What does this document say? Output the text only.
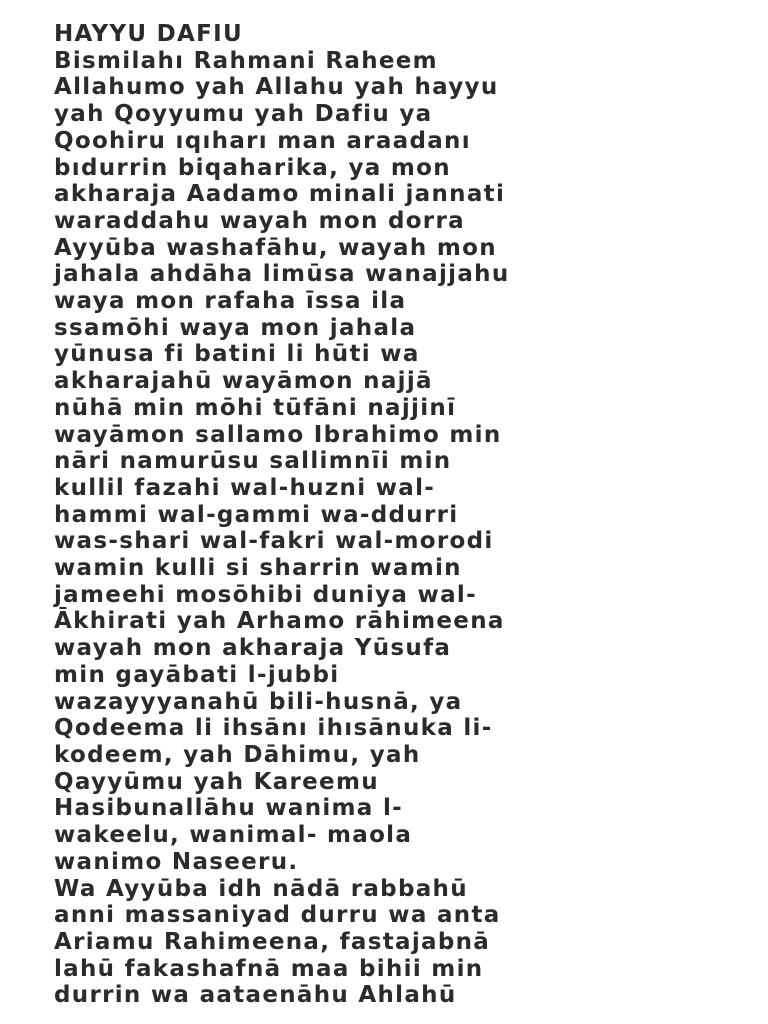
HAYYU DAFIU
Bismilahı Rahmani Raheem
Allahumo yah Allahu yah hayyu
yah Qoyyumu yah Dafiu ya
Qoohiru ıqıharı man araadanı
bıdurrin biqaharika, ya mon
akharaja Aadamo minali jannati
waraddahu wayah mon dorra
Ayyūba washafāhu, wayah mon
jahala ahdāha limūsa wanajjahu
waya mon rafaha īssa ila
ssamōhi waya mon jahala
yūnusa fi batini li hūti wa
akharajahū wayāmon najjā
nūhā min mōhi tūfāni najjinī
wayāmon sallamo Ibrahimo min
nāri namurūsu sallimnīi min
kullil fazahi wal-huzni wal-
hammi wal-gammi wa-ddurri
was-shari wal-fakri wal-morodi
wamin kulli si sharrin wamin
jameehi mosōhibi duniya wal-
Ākhirati yah Arhamo rāhimeena
wayah mon akharaja Yūsufa
min gayābati l-jubbi
wazayyyanahū bili-husnā, ya
Qodeema li ihsānı ihısānuka li-
kodeem, yah Dāhimu, yah
Qayyūmu yah Kareemu
Hasibunallāhu wanima l-
wakeelu, wanimal- maola
wanimo Naseeru.
Wa Ayyūba idh nādā rabbahū
anni massaniyad durru wa anta
Ariamu Rahimeena, fastajabnā
lahū fakashafnā maa bihii min
durrin wa aataenāhu Ahlahū
